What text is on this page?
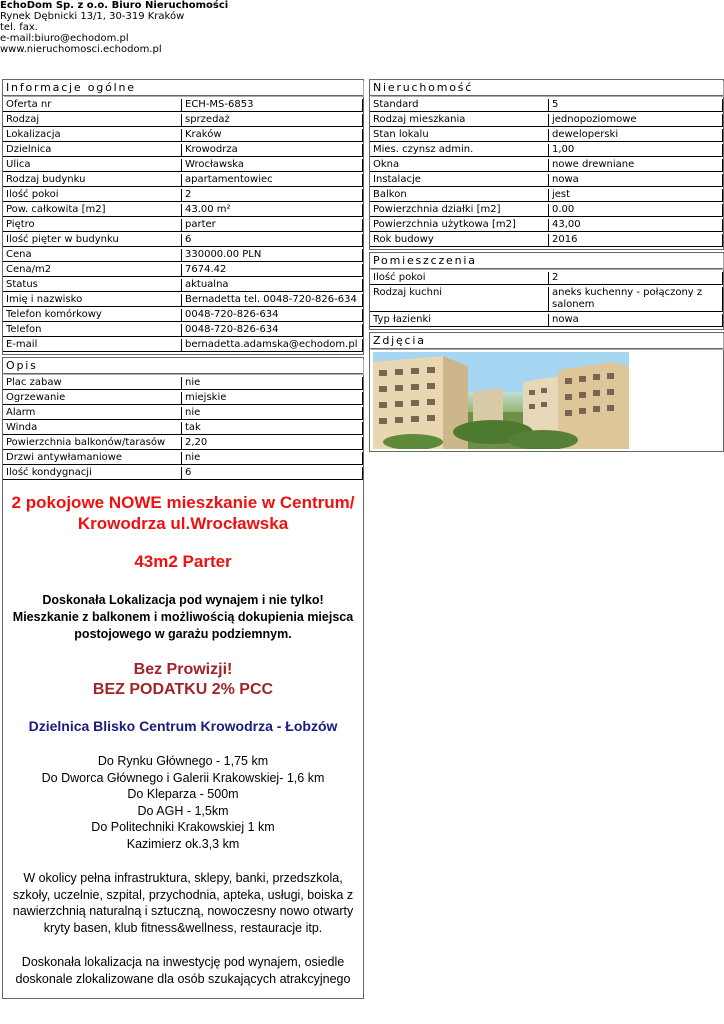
EchoDom Sp. z o.o. Biuro Nieruchomości
Rynek Dębnicki 13/1, 30-319 Kraków
tel. fax.
e-mail:biuro@echodom.pl
www.nieruchomosci.echodom.pl
Informacje ogólne
Oferta nr	ECH-MS-6853
Rodzaj	sprzedaż
Lokalizacja	Kraków
Dzielnica	Krowodrza
Ulica	Wrocławska
Rodzaj budynku	apartamentowiec
Ilość pokoi	2
Pow. całkowita [m2]	43.00 m²
Piętro	parter
Ilość pięter w budynku	6
Cena	330000.00 PLN
Cena/m2	7674.42
Status	aktualna
Imię i nazwisko	Bernadetta tel. 0048-720-826-634
Telefon komórkowy	0048-720-826-634
Telefon	0048-720-826-634
E-mail	bernadetta.adamska@echodom.pl
Opis
Plac zabaw	nie
Ogrzewanie	miejskie
Alarm	nie
Winda	tak
Powierzchnia balkonów/tarasów	2,20
Drzwi antywłamaniowe	nie
Ilość kondygnacji	6
2 pokojowe NOWE mieszkanie w Centrum/ Krowodrza ul.Wrocławska
43m2 Parter
Doskonała Lokalizacja pod wynajem i nie tylko!
Mieszkanie z balkonem i możliwością dokupienia miejsca postojowego w garażu podziemnym.
Bez Prowizji!
BEZ PODATKU 2% PCC
Dzielnica Blisko Centrum Krowodrza - Łobzów
Do Rynku Głównego - 1,75 km
Do Dworca Głównego i Galerii Krakowskiej- 1,6 km
Do Kleparza - 500m
Do AGH - 1,5km
Do Politechniki Krakowskiej 1 km
Kazimierz ok.3,3 km
W okolicy pełna infrastruktura, sklepy, banki, przedszkola, szkoły, uczelnie, szpital, przychodnia, apteka, usługi, boiska z nawierzchnią naturalną i sztuczną, nowoczesny nowo otwarty kryty basen, klub fitness&wellness, restauracje itp.
Doskonała lokalizacja na inwestycję pod wynajem, osiedle doskonale zlokalizowane dla osób szukających atrakcyjnego
Nieruchomość
Standard	5
Rodzaj mieszkania	jednopoziomowe
Stan lokalu	deweloperski
Mies. czynsz admin.	1,00
Okna	nowe drewniane
Instalacje	nowa
Balkon	jest
Powierzchnia działki [m2]	0.00
Powierzchnia użytkowa [m2]	43,00
Rok budowy	2016
Pomieszczenia
Ilość pokoi	2
Rodzaj kuchni	aneks kuchenny - połączony z salonem
Typ łazienki	nowa
Zdjęcia
